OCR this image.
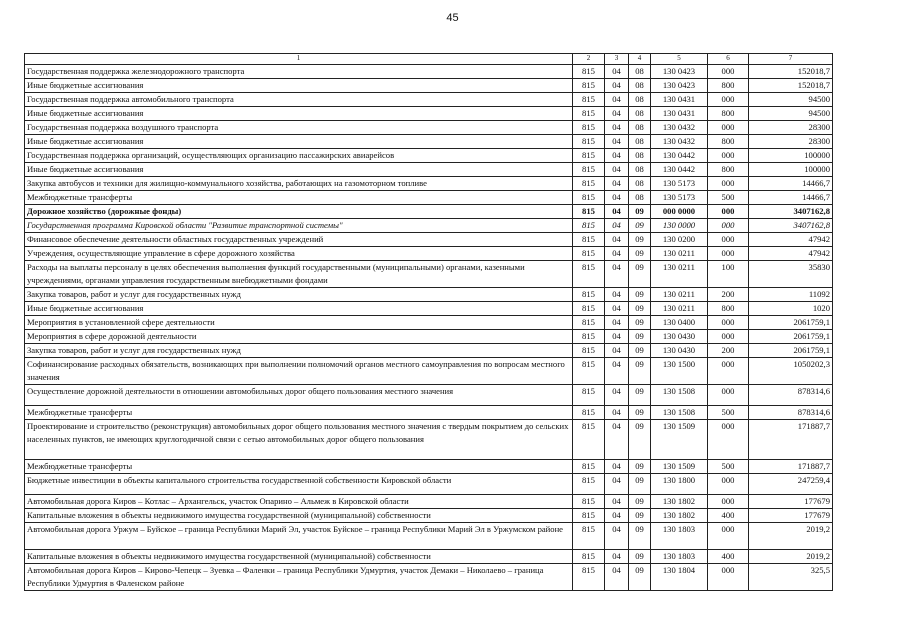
45
1	2	3	4	5	6	7
Государственная поддержка железнодорожного транспорта	815	04	08	130 0423	000	152018,7
Иные бюджетные ассигнования	815	04	08	130 0423	800	152018,7
Государственная поддержка автомобильного транспорта	815	04	08	130 0431	000	94500
Иные бюджетные ассигнования	815	04	08	130 0431	800	94500
Государственная поддержка воздушного транспорта	815	04	08	130 0432	000	28300
Иные бюджетные ассигнования	815	04	08	130 0432	800	28300
Государственная поддержка организаций, осуществляющих организацию пассажирских авиарейсов	815	04	08	130 0442	000	100000
Иные бюджетные ассигнования	815	04	08	130 0442	800	100000
Закупка автобусов и техники для жилищно-коммунального хозяйства, работающих на газомоторном топливе	815	04	08	130 5173	000	14466,7
Межбюджетные трансферты	815	04	08	130 5173	500	14466,7
Дорожное хозяйство (дорожные фонды)	815	04	09	000 0000	000	3407162,8
Государственная программа Кировской области "Развитие транспортной системы"	815	04	09	130 0000	000	3407162,8
Финансовое обеспечение деятельности областных государственных учреждений	815	04	09	130 0200	000	47942
Учреждения, осуществляющие управление в сфере дорожного хозяйства	815	04	09	130 0211	000	47942
Расходы на выплаты персоналу в целях обеспечения выполнения функций государственными (муниципальными) органами, казенными учреждениями, органами управления государственным внебюджетными фондами	815	04	09	130 0211	100	35830
Закупка товаров, работ и услуг для государственных нужд	815	04	09	130 0211	200	11092
Иные бюджетные ассигнования	815	04	09	130 0211	800	1020
Мероприятия в установленной сфере деятельности	815	04	09	130 0400	000	2061759,1
Мероприятия в сфере дорожной деятельности	815	04	09	130 0430	000	2061759,1
Закупка товаров, работ и услуг для государственных нужд	815	04	09	130 0430	200	2061759,1
Софинансирование расходных обязательств, возникающих при выполнении полномочий органов местного самоуправления по вопросам местного значения	815	04	09	130 1500	000	1050202,3
Осуществление дорожной деятельности в отношении автомобильных дорог общего пользования местного значения	815	04	09	130 1508	000	878314,6
Межбюджетные трансферты	815	04	09	130 1508	500	878314,6
Проектирование и строительство (реконструкция) автомобильных дорог общего пользования местного значения с твердым покрытием до сельских населенных пунктов, не имеющих круглогодичной связи с сетью автомобильных дорог общего пользования	815	04	09	130 1509	000	171887,7
Межбюджетные трансферты	815	04	09	130 1509	500	171887,7
Бюджетные инвестиции в объекты капитального строительства государственной собственности Кировской области	815	04	09	130 1800	000	247259,4
Автомобильная дорога Киров – Котлас – Архангельск, участок Опарино – Альмеж в Кировской области	815	04	09	130 1802	000	177679
Капитальные вложения в объекты недвижимого имущества государственной (муниципальной) собственности	815	04	09	130 1802	400	177679
Автомобильная дорога Уржум – Буйское – граница Республики Марий Эл, участок Буйское – граница Республики Марий Эл в Уржумском районе	815	04	09	130 1803	000	2019,2
Капитальные вложения в объекты недвижимого имущества государственной (муниципальной) собственности	815	04	09	130 1803	400	2019,2
Автомобильная дорога Киров – Кирово-Чепецк – Зуевка – Фаленки – граница Республики Удмуртия, участок Демаки – Николаево – граница Республики Удмуртия в Фаленском районе	815	04	09	130 1804	000	325,5
